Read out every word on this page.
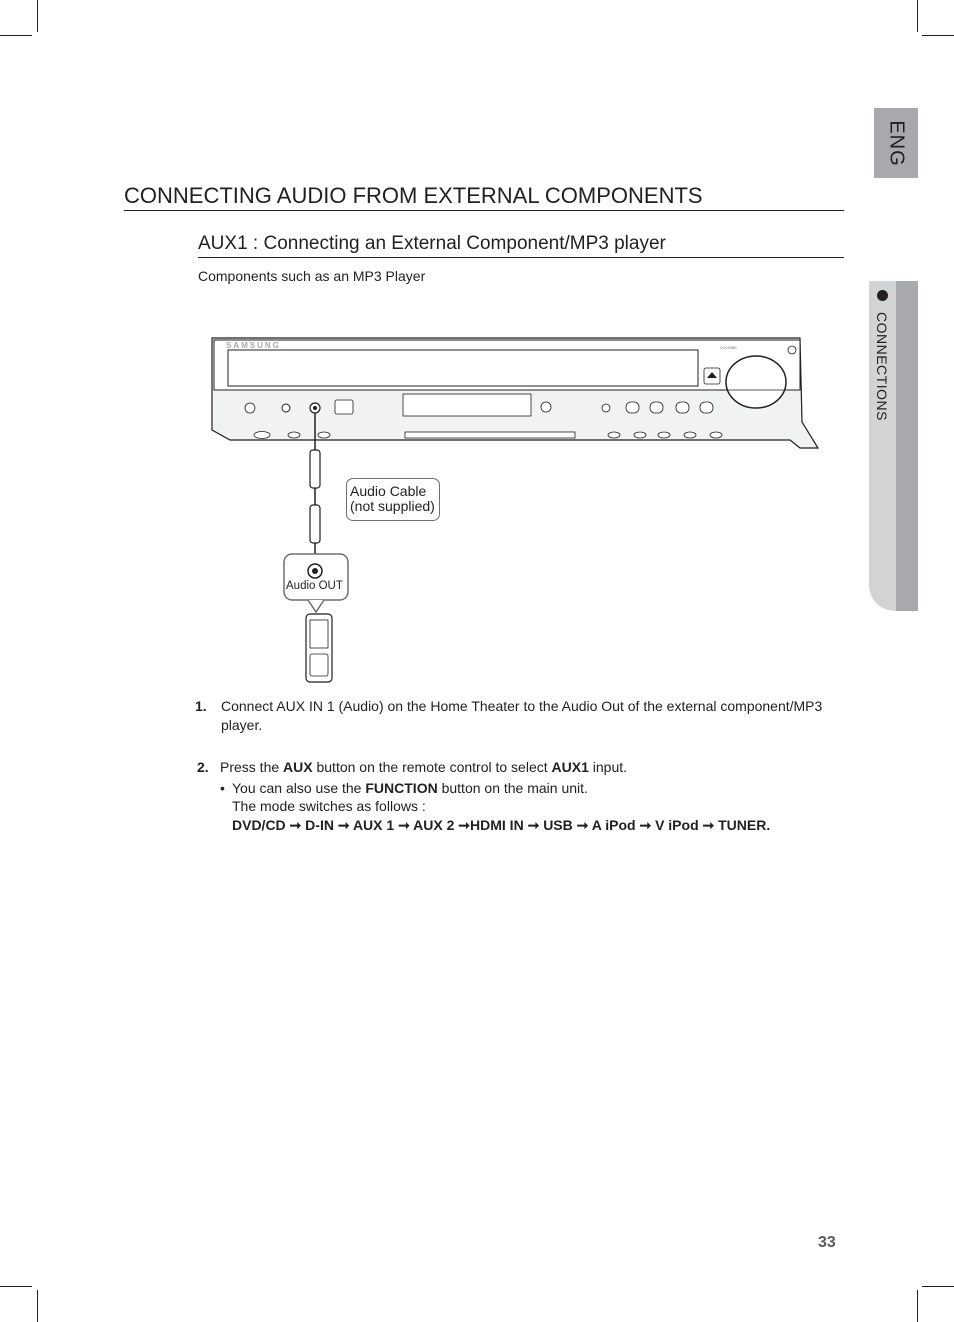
ENG
CONNECTIONS
CONNECTING AUDIO FROM EXTERNAL COMPONENTS
AUX1 : Connecting an External Component/MP3 player
Components such as an MP3 Player
SAMSUNG	VOLUME
Audio Cable
(not supplied)
Audio OUT
1. Connect AUX IN 1 (Audio) on the Home Theater to the Audio Out of the external component/MP3 player.
2. Press the AUX button on the remote control to select AUX1 input.
• You can also use the FUNCTION button on the main unit.
The mode switches as follows :
DVD/CD ➞ D-IN ➞ AUX 1 ➞ AUX 2 ➞HDMI IN ➞ USB ➞ A iPod ➞ V iPod ➞ TUNER.
33
